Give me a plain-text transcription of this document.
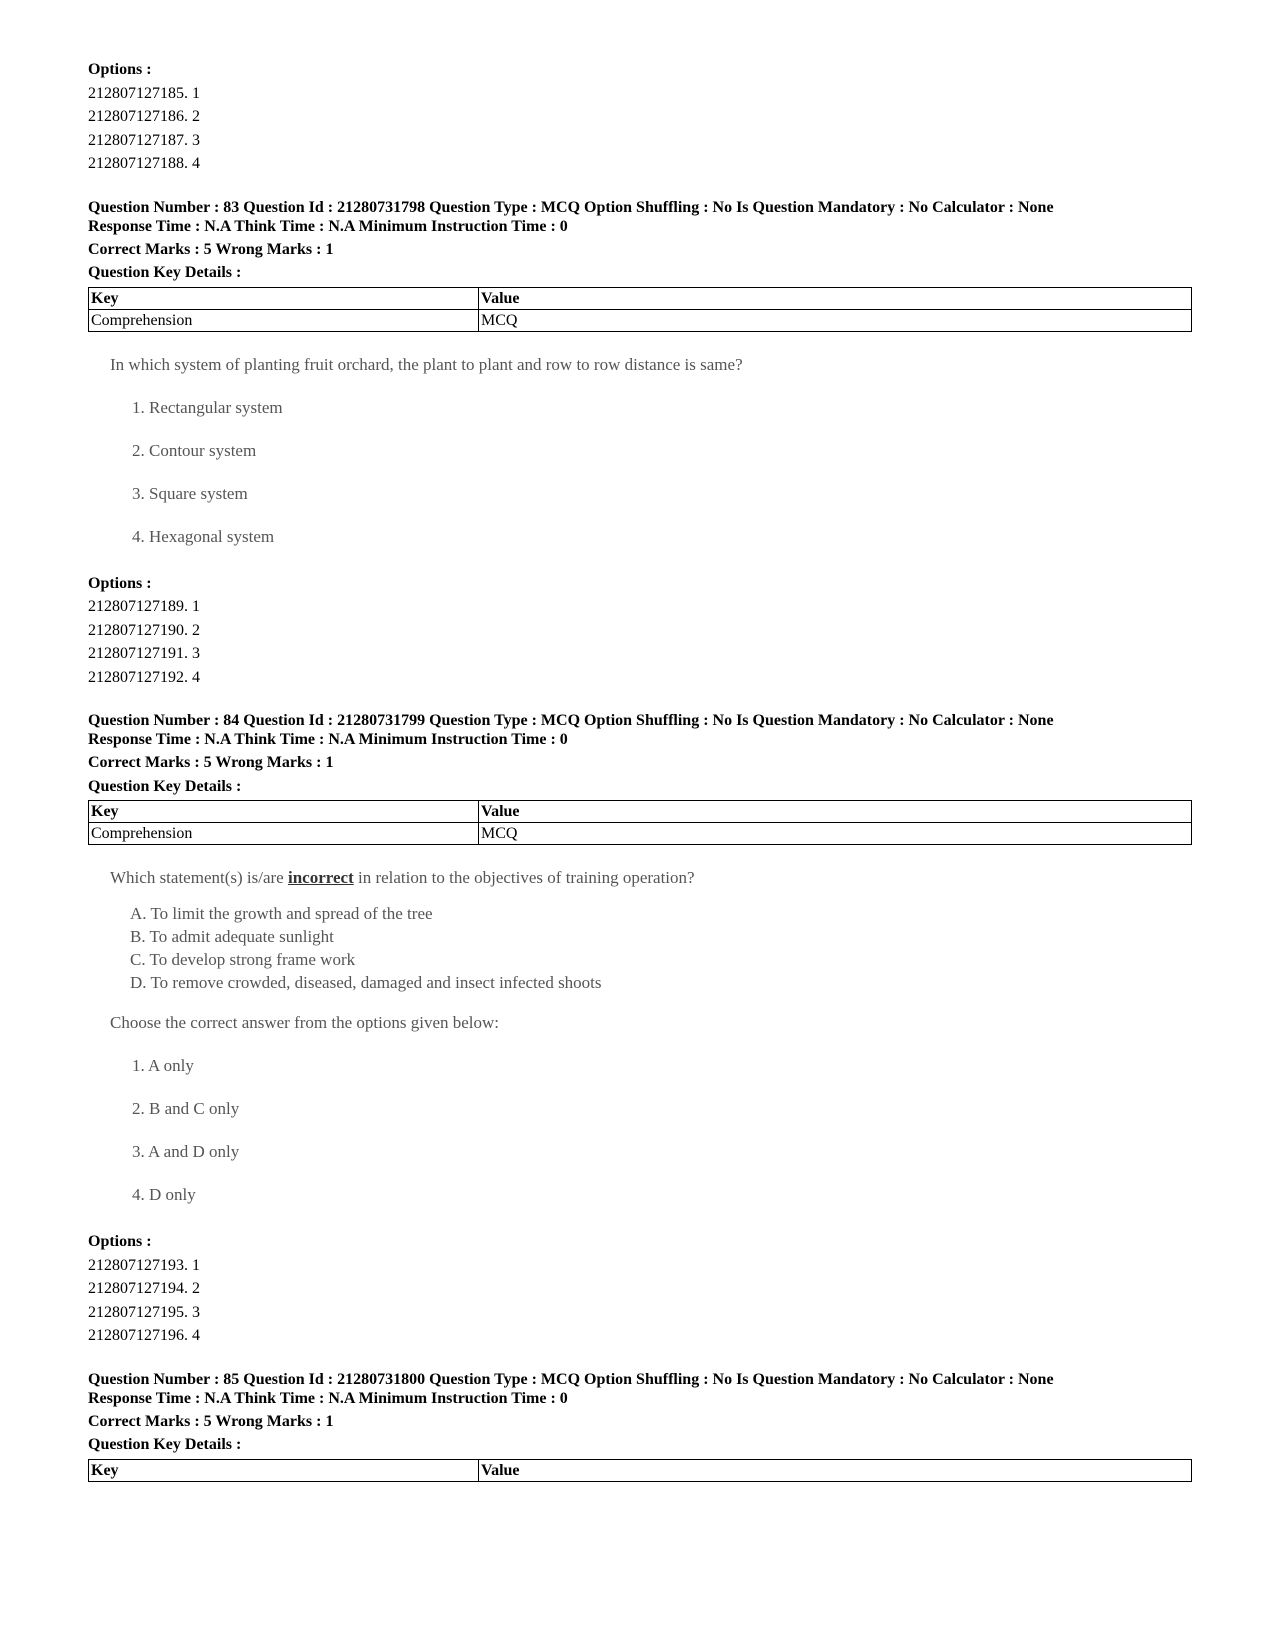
Options :
212807127185. 1
212807127186. 2
212807127187. 3
212807127188. 4
Question Number : 83 Question Id : 21280731798 Question Type : MCQ Option Shuffling : No Is Question Mandatory : No Calculator : None
Response Time : N.A Think Time : N.A Minimum Instruction Time : 0
Correct Marks : 5 Wrong Marks : 1
Question Key Details :
Key	Value
Comprehension	MCQ
In which system of planting fruit orchard, the plant to plant and row to row distance is same?
1. Rectangular system
2. Contour system
3. Square system
4. Hexagonal system
Options :
212807127189. 1
212807127190. 2
212807127191. 3
212807127192. 4
Question Number : 84 Question Id : 21280731799 Question Type : MCQ Option Shuffling : No Is Question Mandatory : No Calculator : None
Response Time : N.A Think Time : N.A Minimum Instruction Time : 0
Correct Marks : 5 Wrong Marks : 1
Question Key Details :
Key	Value
Comprehension	MCQ
Which statement(s) is/are incorrect in relation to the objectives of training operation?
A. To limit the growth and spread of the tree
B. To admit adequate sunlight
C. To develop strong frame work
D. To remove crowded, diseased, damaged and insect infected shoots
Choose the correct answer from the options given below:
1. A only
2. B and C only
3. A and D only
4. D only
Options :
212807127193. 1
212807127194. 2
212807127195. 3
212807127196. 4
Question Number : 85 Question Id : 21280731800 Question Type : MCQ Option Shuffling : No Is Question Mandatory : No Calculator : None
Response Time : N.A Think Time : N.A Minimum Instruction Time : 0
Correct Marks : 5 Wrong Marks : 1
Question Key Details :
Key	Value
